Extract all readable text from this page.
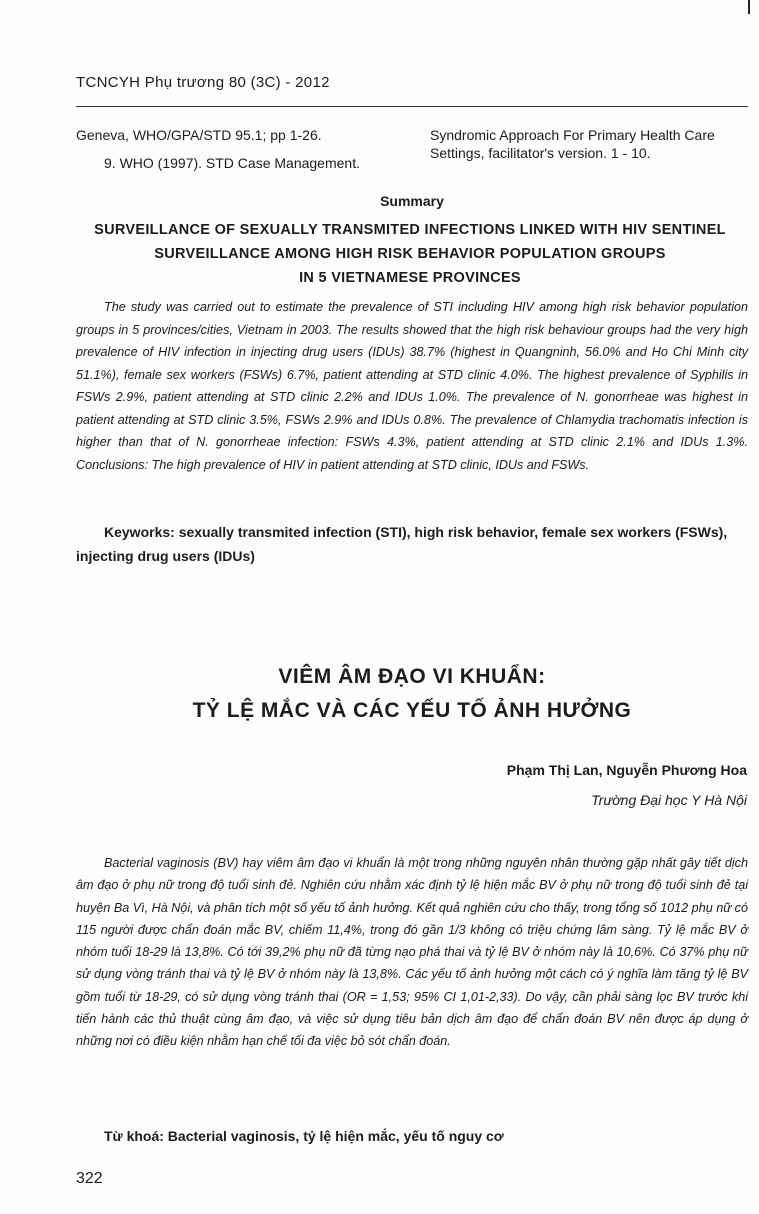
TCNCYH Phụ trương 80 (3C) - 2012

Geneva, WHO/GPA/STD 95.1; pp 1-26.

9. WHO (1997). STD Case Management.

Syndromic Approach For Primary Health Care Settings, facilitator's version. 1 - 10.

Summary
SURVEILLANCE OF SEXUALLY TRANSMITED INFECTIONS LINKED WITH HIV SENTINEL
SURVEILLANCE AMONG HIGH RISK BEHAVIOR POPULATION GROUPS
IN 5 VIETNAMESE PROVINCES

The study was carried out to estimate the prevalence of STI including HIV among high risk behavior population groups in 5 provinces/cities, Vietnam in 2003. The results showed that the high risk behaviour groups had the very high prevalence of HIV infection in injecting drug users (IDUs) 38.7% (highest in Quangninh, 56.0% and Ho Chi Minh city 51.1%), female sex workers (FSWs) 6.7%, patient attending at STD clinic 4.0%. The highest prevalence of Syphilis in FSWs 2.9%, patient attending at STD clinic 2.2% and IDUs 1.0%. The prevalence of N. gonorrheae was highest in patient attending at STD clinic 3.5%, FSWs 2.9% and IDUs 0.8%. The prevalence of Chlamydia trachomatis infection is higher than that of N. gonorrheae infection: FSWs 4.3%, patient attending at STD clinic 2.1% and IDUs 1.3%. Conclusions: The high prevalence of HIV in patient attending at STD clinic, IDUs and FSWs.

Keyworks: sexually transmited infection (STI), high risk behavior, female sex workers (FSWs), injecting drug users (IDUs)

VIÊM ÂM ĐẠO VI KHUẨN:
TỶ LỆ MẮC VÀ CÁC YẾU TỐ ẢNH HƯỞNG
Phạm Thị Lan, Nguyễn Phương Hoa
Trường Đại học Y Hà Nội

Bacterial vaginosis (BV) hay viêm âm đạo vi khuẩn là một trong những nguyên nhân thường gặp nhất gây tiết dịch âm đạo ở phụ nữ trong độ tuổi sinh đẻ. Nghiên cứu nhằm xác định tỷ lệ hiện mắc BV ở phụ nữ trong độ tuổi sinh đẻ tại huyện Ba Vì, Hà Nội, và phân tích một số yếu tố ảnh hưởng. Kết quả nghiên cứu cho thấy, trong tổng số 1012 phụ nữ có 115 người được chẩn đoán mắc BV, chiếm 11,4%, trong đó gần 1/3 không có triệu chứng lâm sàng. Tỷ lệ mắc BV ở nhóm tuổi 18-29 là 13,8%. Có tới 39,2% phụ nữ đã từng nạo phá thai và tỷ lệ BV ở nhóm này là 10,6%. Có 37% phụ nữ sử dụng vòng tránh thai và tỷ lệ BV ở nhóm này là 13,8%. Các yếu tố ảnh hưởng một cách có ý nghĩa làm tăng tỷ lệ BV gồm tuổi từ 18-29, có sử dụng vòng tránh thai (OR = 1,53; 95% CI 1,01-2,33). Do vậy, cần phải sàng lọc BV trước khi tiến hành các thủ thuật cùng âm đạo, và việc sử dụng tiêu bản dịch âm đạo để chẩn đoán BV nên được áp dụng ở những nơi có điều kiện nhằm hạn chế tối đa việc bỏ sót chẩn đoán.

Từ khoá: Bacterial vaginosis, tỷ lệ hiện mắc, yếu tố nguy cơ

322
